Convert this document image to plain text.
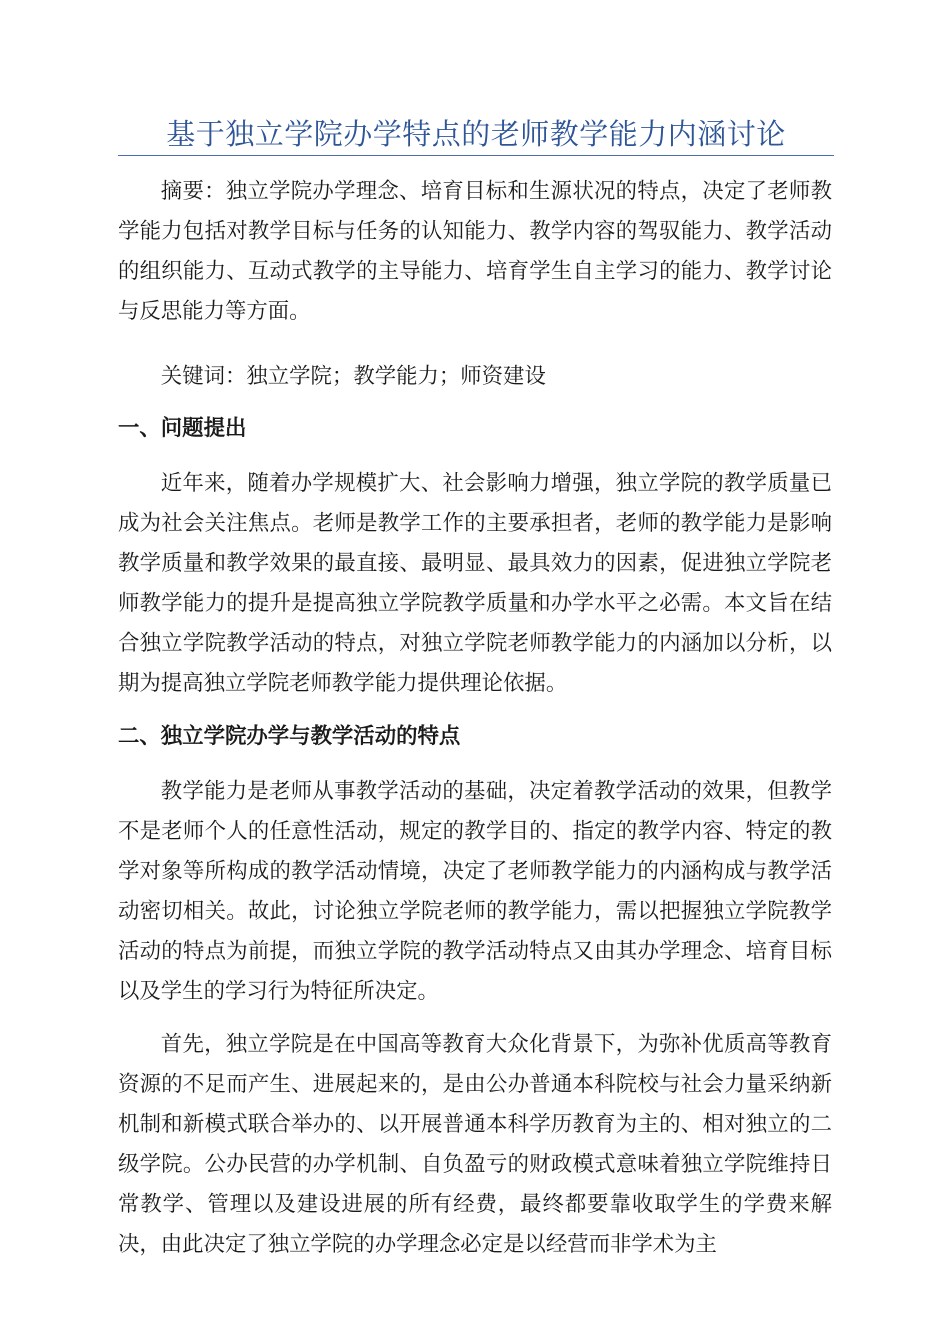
基于独立学院办学特点的老师教学能力内涵讨论

摘要：独立学院办学理念、培育目标和生源状况的特点，决定了老师教学能力包括对教学目标与任务的认知能力、教学内容的驾驭能力、教学活动的组织能力、互动式教学的主导能力、培育学生自主学习的能力、教学讨论与反思能力等方面。

关键词：独立学院；教学能力；师资建设

一、问题提出

近年来，随着办学规模扩大、社会影响力增强，独立学院的教学质量已成为社会关注焦点。老师是教学工作的主要承担者，老师的教学能力是影响教学质量和教学效果的最直接、最明显、最具效力的因素，促进独立学院老师教学能力的提升是提高独立学院教学质量和办学水平之必需。本文旨在结合独立学院教学活动的特点，对独立学院老师教学能力的内涵加以分析，以期为提高独立学院老师教学能力提供理论依据。

二、独立学院办学与教学活动的特点

教学能力是老师从事教学活动的基础，决定着教学活动的效果，但教学不是老师个人的任意性活动，规定的教学目的、指定的教学内容、特定的教学对象等所构成的教学活动情境，决定了老师教学能力的内涵构成与教学活动密切相关。故此，讨论独立学院老师的教学能力，需以把握独立学院教学活动的特点为前提，而独立学院的教学活动特点又由其办学理念、培育目标以及学生的学习行为特征所决定。

首先，独立学院是在中国高等教育大众化背景下，为弥补优质高等教育资源的不足而产生、进展起来的，是由公办普通本科院校与社会力量采纳新机制和新模式联合举办的、以开展普通本科学历教育为主的、相对独立的二级学院。公办民营的办学机制、自负盈亏的财政模式意味着独立学院维持日常教学、管理以及建设进展的所有经费，最终都要靠收取学生的学费来解决，由此决定了独立学院的办学理念必定是以经营而非学术为主
